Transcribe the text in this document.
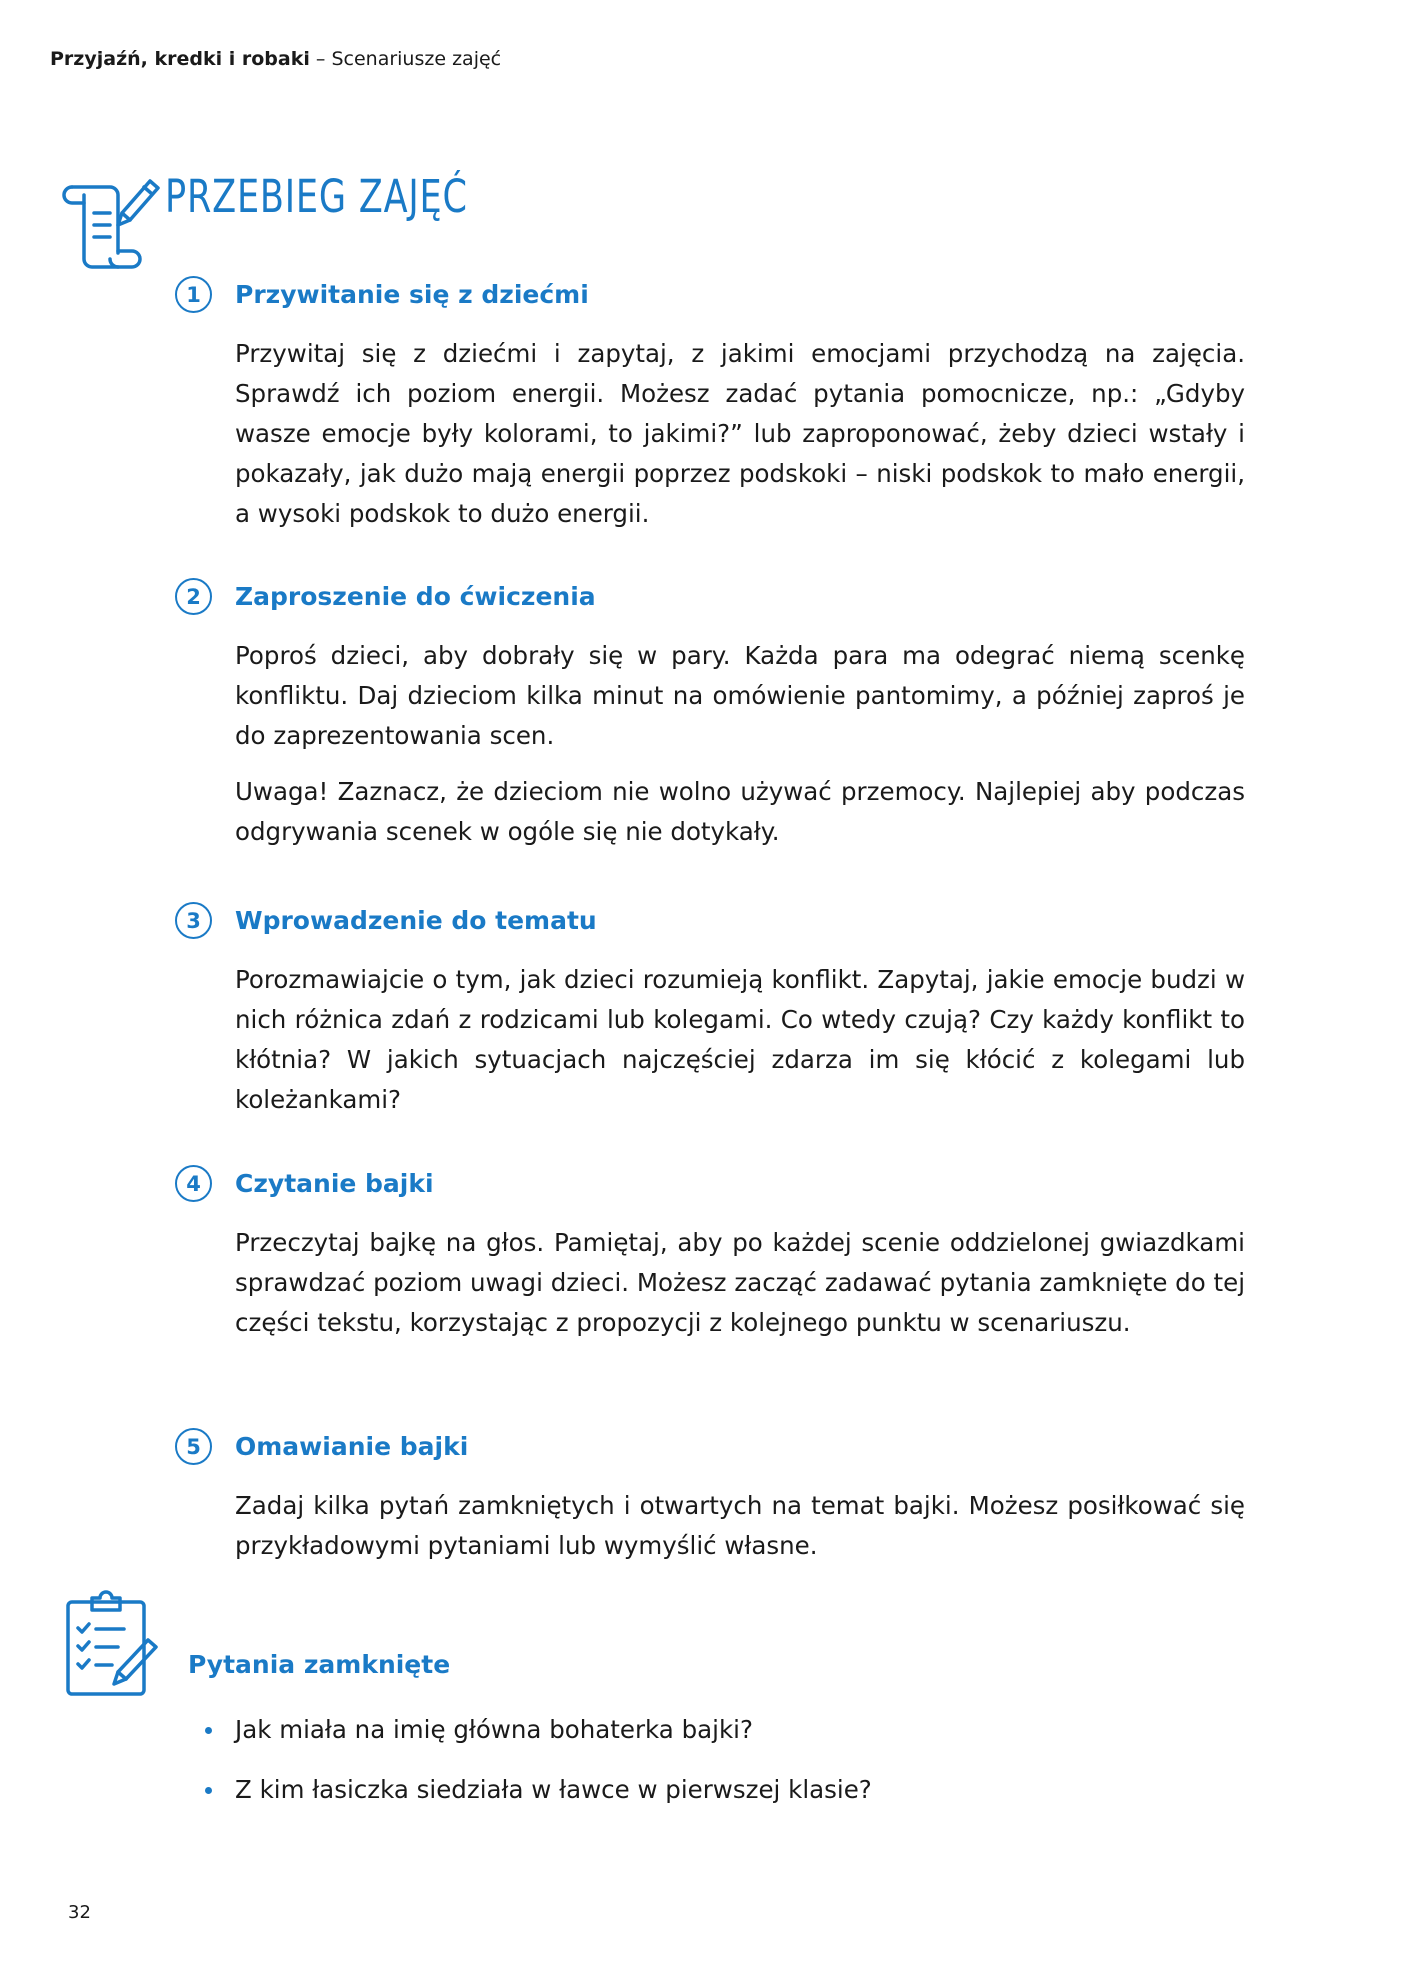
Przyjaźń, kredki i robaki – Scenariusze zajęć
PRZEBIEG ZAJĘĆ
1	Przywitanie się z dziećmi

Przywitaj się z dziećmi i zapytaj, z jakimi emocjami przychodzą na zajęcia. Sprawdź ich poziom energii. Możesz zadać pytania pomocnicze, np.: „Gdyby wasze emocje były kolorami, to jakimi?” lub zaproponować, żeby dzieci wstały i pokazały, jak dużo mają energii poprzez podskoki – niski podskok to mało energii, a wysoki podskok to dużo energii.

2	Zaproszenie do ćwiczenia

Poproś dzieci, aby dobrały się w pary. Każda para ma odegrać niemą scenkę konfliktu. Daj dzieciom kilka minut na omówienie pantomimy, a później zaproś je do zaprezentowania scen.

Uwaga! Zaznacz, że dzieciom nie wolno używać przemocy. Najlepiej aby podczas odgrywania scenek w ogóle się nie dotykały.

3	Wprowadzenie do tematu

Porozmawiajcie o tym, jak dzieci rozumieją konflikt. Zapytaj, jakie emocje budzi w nich różnica zdań z rodzicami lub kolegami. Co wtedy czują? Czy każdy konflikt to kłótnia? W jakich sytuacjach najczęściej zdarza im się kłócić z kolegami lub koleżankami?

4	Czytanie bajki

Przeczytaj bajkę na głos. Pamiętaj, aby po każdej scenie oddzielonej gwiazdkami sprawdzać poziom uwagi dzieci. Możesz zacząć zadawać pytania zamknięte do tej części tekstu, korzystając z propozycji z kolejnego punktu w scenariuszu.

5	Omawianie bajki

Zadaj kilka pytań zamkniętych i otwartych na temat bajki. Możesz posiłkować się przykładowymi pytaniami lub wymyślić własne.

Pytania zamknięte
Jak miała na imię główna bohaterka bajki?
Z kim łasiczka siedziała w ławce w pierwszej klasie?
32
